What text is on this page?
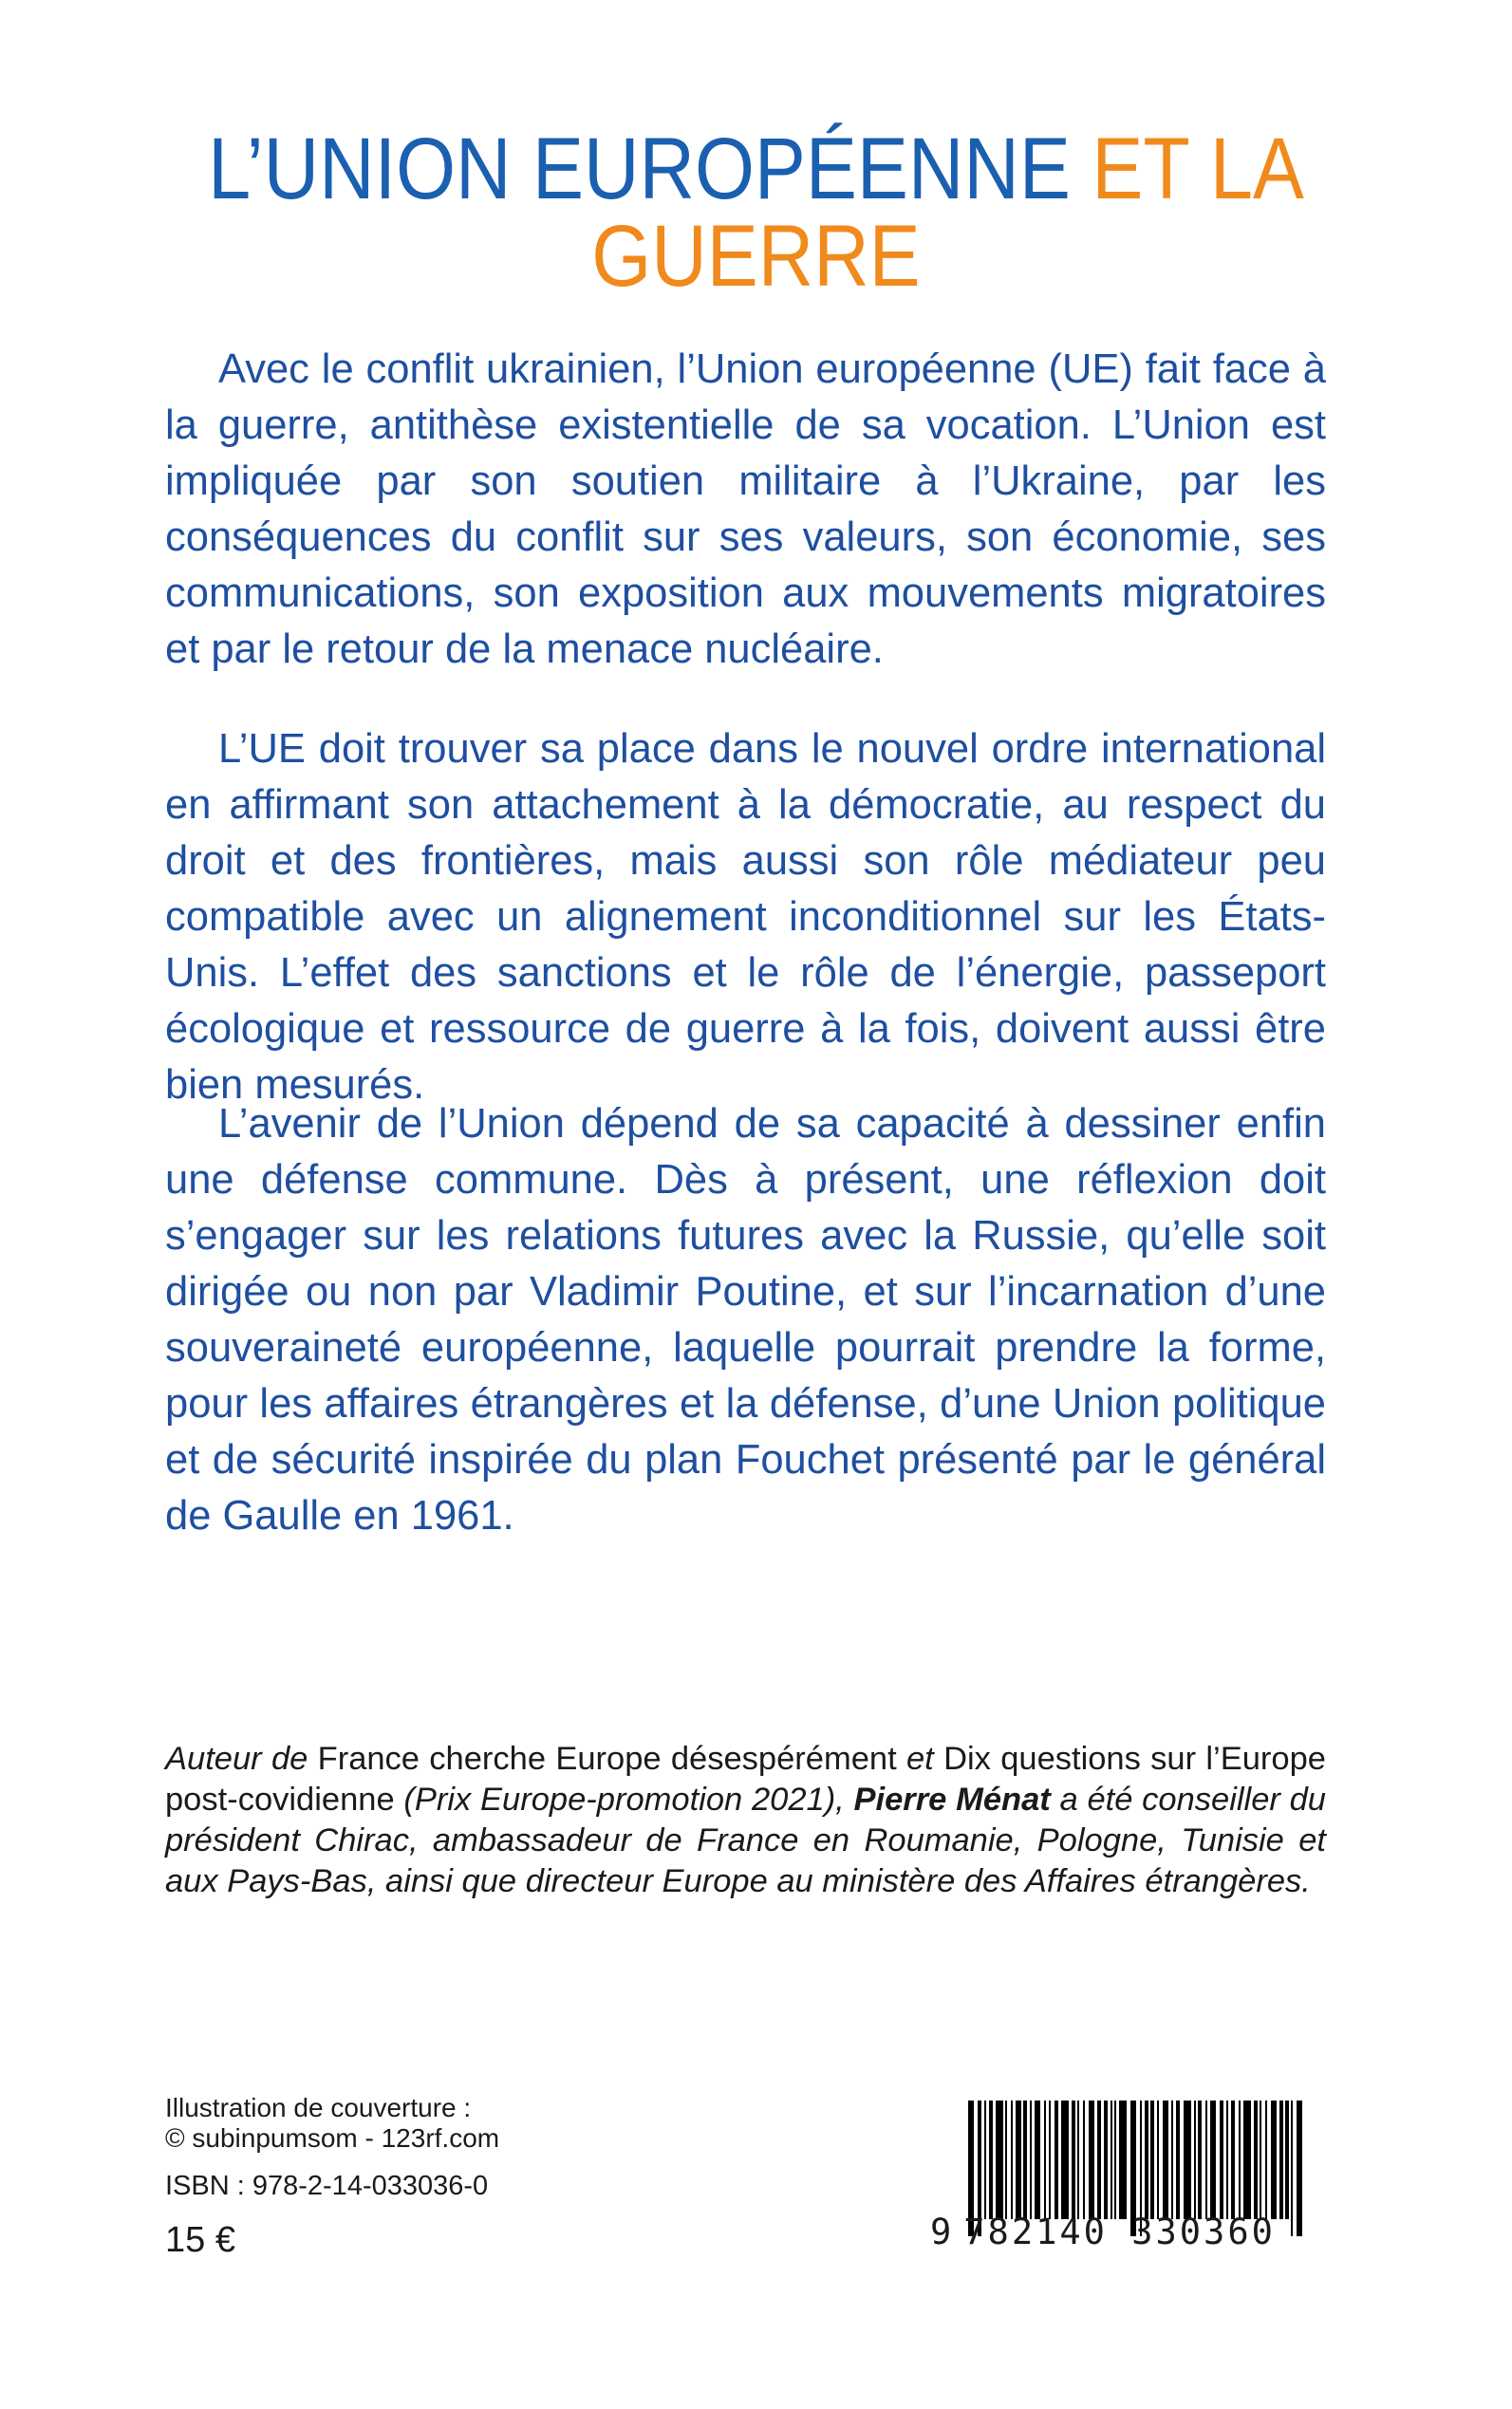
L’UNION EUROPÉENNE ET LA GUERRE

Avec le conflit ukrainien, l’Union européenne (UE) fait face à la guerre, antithèse existentielle de sa vocation. L’Union est impliquée par son soutien militaire à l’Ukraine, par les conséquences du conflit sur ses valeurs, son économie, ses communications, son exposition aux mouvements migratoires et par le retour de la menace nucléaire.

L’UE doit trouver sa place dans le nouvel ordre international en affirmant son attachement à la démocratie, au respect du droit et des frontières, mais aussi son rôle médiateur peu compatible avec un alignement inconditionnel sur les États-Unis. L’effet des sanctions et le rôle de l’énergie, passeport écologique et ressource de guerre à la fois, doivent aussi être bien mesurés.

L’avenir de l’Union dépend de sa capacité à dessiner enfin une défense commune. Dès à présent, une réflexion doit s’engager sur les relations futures avec la Russie, qu’elle soit dirigée ou non par Vladimir Poutine, et sur l’incarnation d’une souveraineté européenne, laquelle pourrait prendre la forme, pour les affaires étrangères et la défense, d’une Union politique et de sécurité inspirée du plan Fouchet présenté par le général de Gaulle en 1961.

Auteur de France cherche Europe désespérément et Dix questions sur l’Europe post-covidienne (Prix Europe-promotion 2021), Pierre Ménat a été conseiller du président Chirac, ambassadeur de France en Roumanie, Pologne, Tunisie et aux Pays-Bas, ainsi que directeur Europe au ministère des Affaires étrangères.
Illustration de couverture :
© subinpumsom - 123rf.com
ISBN : 978-2-14-033036-0
15 €	9 782140 330360
